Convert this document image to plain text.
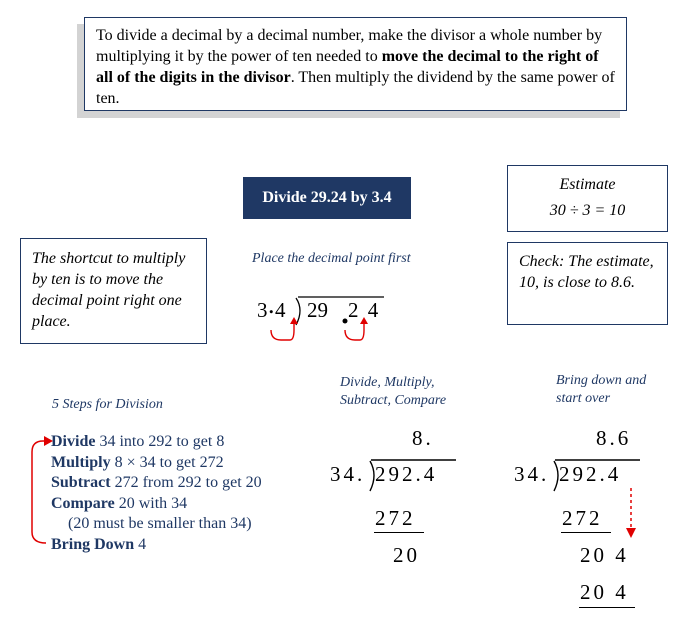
To divide a decimal by a decimal number, make the divisor a whole number by multiplying it by the power of ten needed to move the decimal to the right of all of the digits in the divisor. Then multiply the dividend by the same power of ten.
Divide 29.24 by 3.4
Estimate
30 ÷ 3 = 10
The shortcut to multiply by ten is to move the decimal point right one place.
Check: The estimate, 10, is close to 8.6.
Place the decimal point first
3 . 4 29 2 4
5 Steps for Division
Divide 34 into 292 to get 8
Multiply 8 × 34 to get 272
Subtract 272 from 292 to get 20
Compare 20 with 34
(20 must be smaller than 34)
Bring Down 4
Divide, Multiply, Subtract, Compare
8.
34. 292.4
272
20
Bring down and start over
8.6
34. 292.4
272
20 4
20 4
